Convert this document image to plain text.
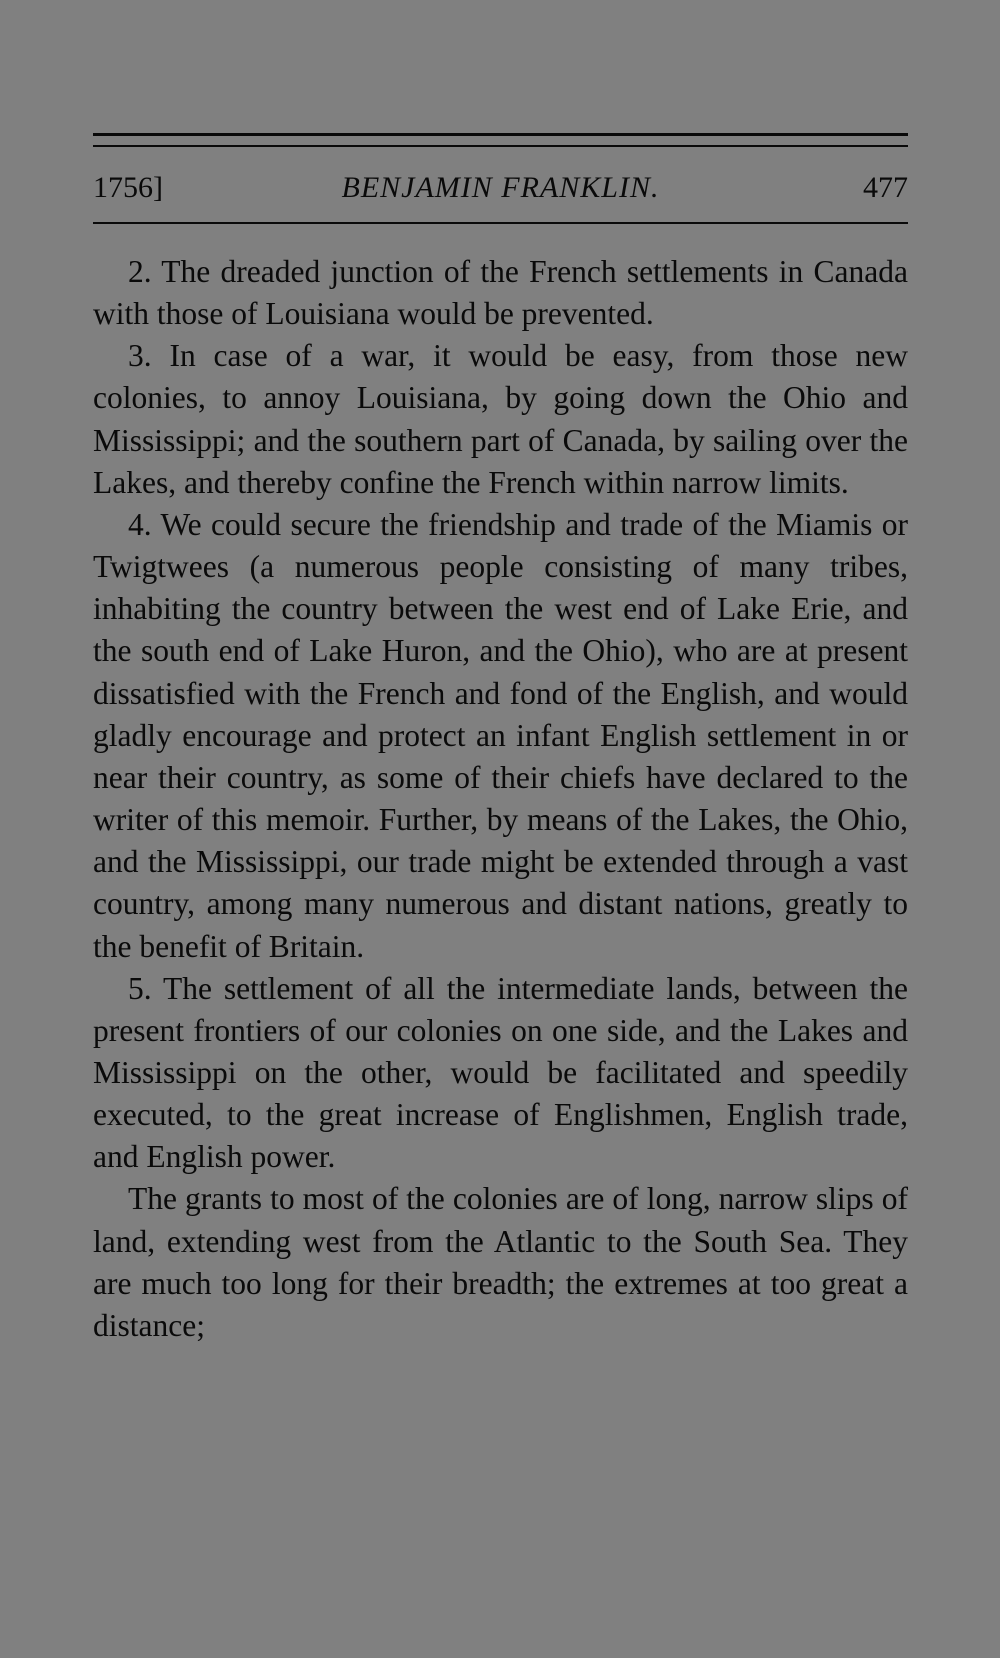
1756]	BENJAMIN FRANKLIN.	477

2. The dreaded junction of the French settlements in Canada with those of Louisiana would be prevented.

3. In case of a war, it would be easy, from those new colonies, to annoy Louisiana, by going down the Ohio and Mississippi; and the southern part of Canada, by sailing over the Lakes, and thereby confine the French within narrow limits.

4. We could secure the friendship and trade of the Miamis or Twigtwees (a numerous people consisting of many tribes, inhabiting the country between the west end of Lake Erie, and the south end of Lake Huron, and the Ohio), who are at present dissatisfied with the French and fond of the English, and would gladly encourage and protect an infant English settlement in or near their country, as some of their chiefs have declared to the writer of this memoir. Further, by means of the Lakes, the Ohio, and the Mississippi, our trade might be extended through a vast country, among many numerous and distant nations, greatly to the benefit of Britain.

5. The settlement of all the intermediate lands, between the present frontiers of our colonies on one side, and the Lakes and Mississippi on the other, would be facilitated and speedily executed, to the great increase of Englishmen, English trade, and English power.

The grants to most of the colonies are of long, narrow slips of land, extending west from the Atlantic to the South Sea. They are much too long for their breadth; the extremes at too great a distance;
